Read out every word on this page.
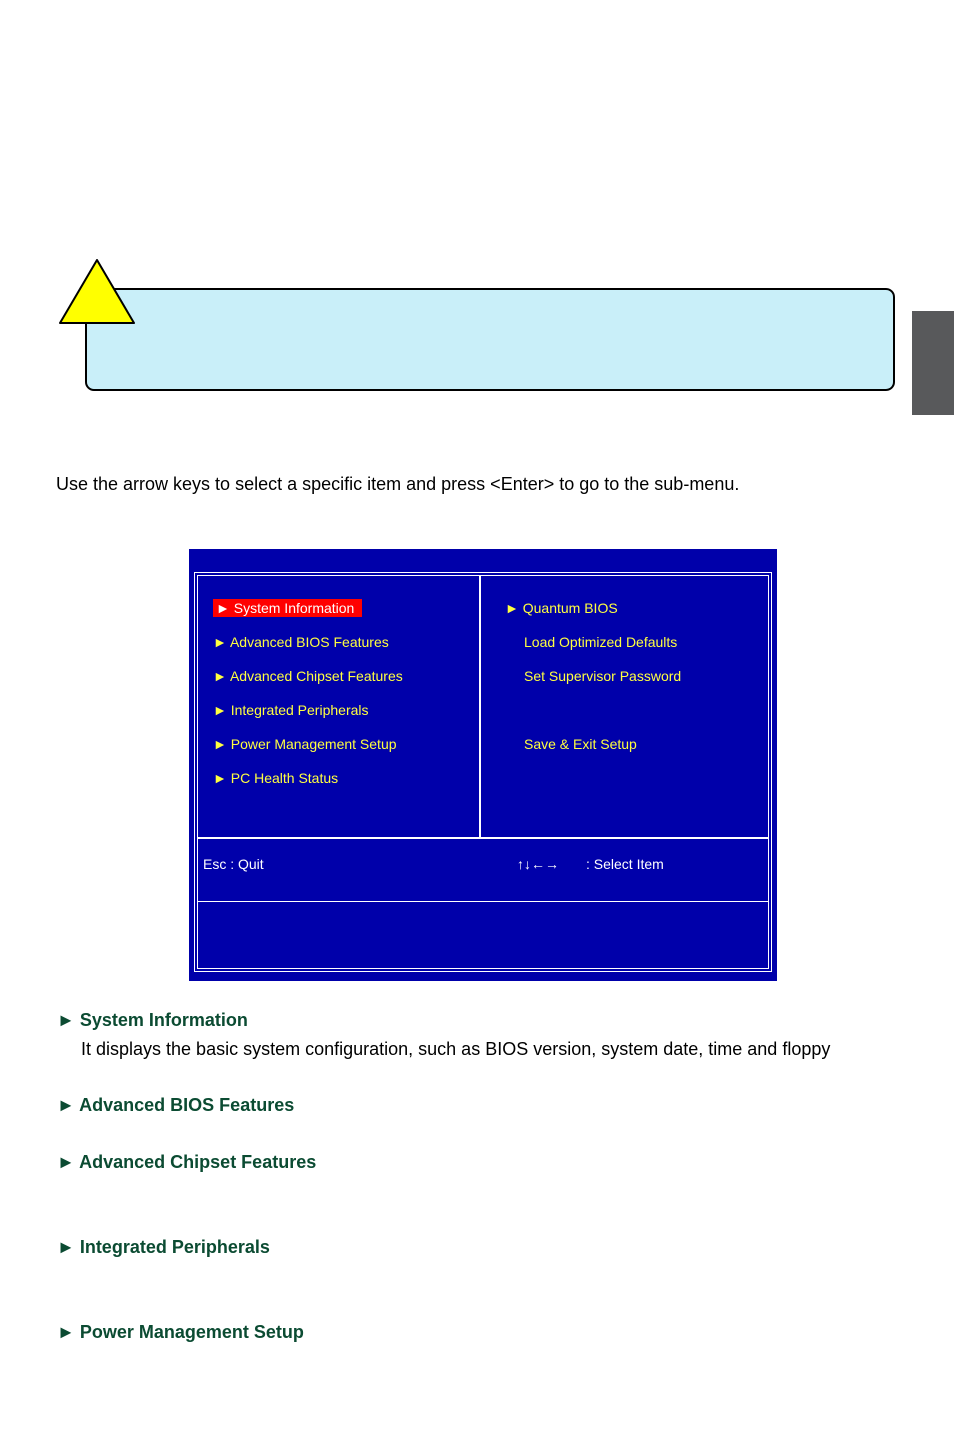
Use the arrow keys to select a specific item and press <Enter> to go to the sub-menu.
► System Information
► Advanced BIOS Features
► Advanced Chipset Features
► Integrated Peripherals
► Power Management Setup
► PC Health Status
► Quantum BIOS
Load Optimized Defaults
Set Supervisor Password
Save & Exit Setup
Esc : Quit	↑↓←→ : Select Item
► System Information
It displays the basic system configuration, such as BIOS version, system date, time and floppy
► Advanced BIOS Features
► Advanced Chipset Features
► Integrated Peripherals
► Power Management Setup
